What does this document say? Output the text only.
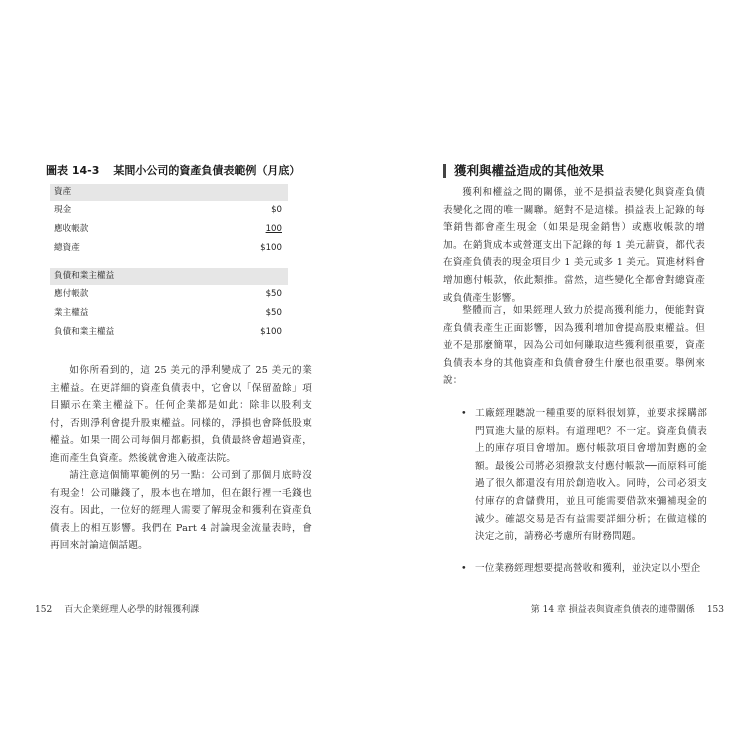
圖表 14-3 某間小公司的資產負債表範例（月底）
資產
現金	$0
應收帳款	100
總資產	$100
負債和業主權益
應付帳款	$50
業主權益	$50
負債和業主權益	$100
如你所看到的，這 25 美元的淨利變成了 25 美元的業主權益。在更詳細的資產負債表中，它會以「保留盈餘」項目顯示在業主權益下。任何企業都是如此：除非以股利支付，否則淨利會提升股東權益。同樣的，淨損也會降低股東權益。如果一間公司每個月都虧損，負債最終會超過資產，進而產生負資產。然後就會進入破產法院。
請注意這個簡單範例的另一點：公司到了那個月底時沒有現金！公司賺錢了，股本也在增加，但在銀行裡一毛錢也沒有。因此，一位好的經理人需要了解現金和獲利在資產負債表上的相互影響。我們在 Part 4 討論現金流量表時，會再回來討論這個話題。
152 百大企業經理人必學的財報獲利課
獲利與權益造成的其他效果
獲利和權益之間的關係，並不是損益表變化與資產負債表變化之間的唯一關聯。絕對不是這樣。損益表上記錄的每筆銷售都會產生現金（如果是現金銷售）或應收帳款的增加。在銷貨成本或營運支出下記錄的每 1 美元薪資，都代表在資產負債表的現金項目少 1 美元或多 1 美元。買進材料會增加應付帳款，依此類推。當然，這些變化全都會對總資產或負債產生影響。
整體而言，如果經理人致力於提高獲利能力，便能對資產負債表產生正面影響，因為獲利增加會提高股東權益。但並不是那麼簡單，因為公司如何賺取這些獲利很重要，資產負債表本身的其他資產和負債會發生什麼也很重要。舉例來說：
• 工廠經理聽說一種重要的原料很划算，並要求採購部門買進大量的原料。有道理吧？不一定。資產負債表上的庫存項目會增加。應付帳款項目會增加對應的金額。最後公司將必須撥款支付應付帳款──而原料可能過了很久都還沒有用於創造收入。同時，公司必須支付庫存的倉儲費用，並且可能需要借款來彌補現金的減少。確認交易是否有益需要詳細分析；在做這樣的決定之前，請務必考慮所有財務問題。
• 一位業務經理想要提高營收和獲利，並決定以小型企
第 14 章 損益表與資產負債表的連帶關係 153
